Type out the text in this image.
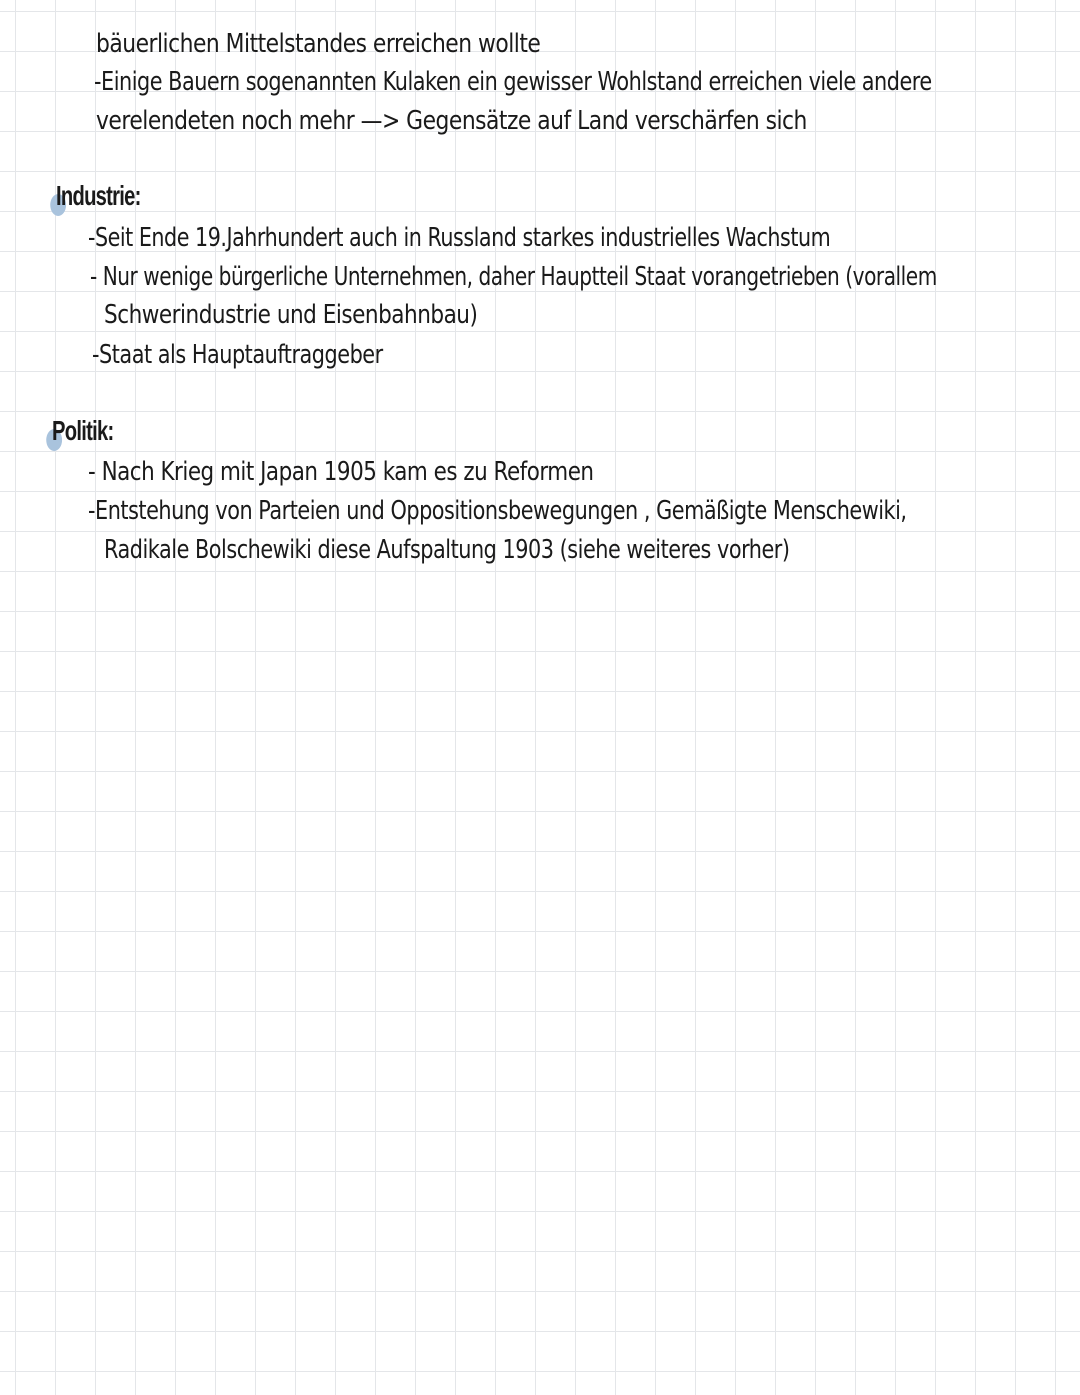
bäuerlichen Mittelstandes erreichen wollte
-Einige Bauern sogenannten Kulaken ein gewisser Wohlstand erreichen viele andere
verelendeten noch mehr —> Gegensätze auf Land verschärfen sich
Industrie:
-Seit Ende 19.Jahrhundert auch in Russland starkes industrielles Wachstum
- Nur wenige bürgerliche Unternehmen, daher Hauptteil Staat vorangetrieben (vorallem
Schwerindustrie und Eisenbahnbau)
-Staat als Hauptauftraggeber
Politik:
- Nach Krieg mit Japan 1905 kam es zu Reformen
-Entstehung von Parteien und Oppositionsbewegungen , Gemäßigte Menschewiki,
Radikale Bolschewiki diese Aufspaltung 1903 (siehe weiteres vorher)
